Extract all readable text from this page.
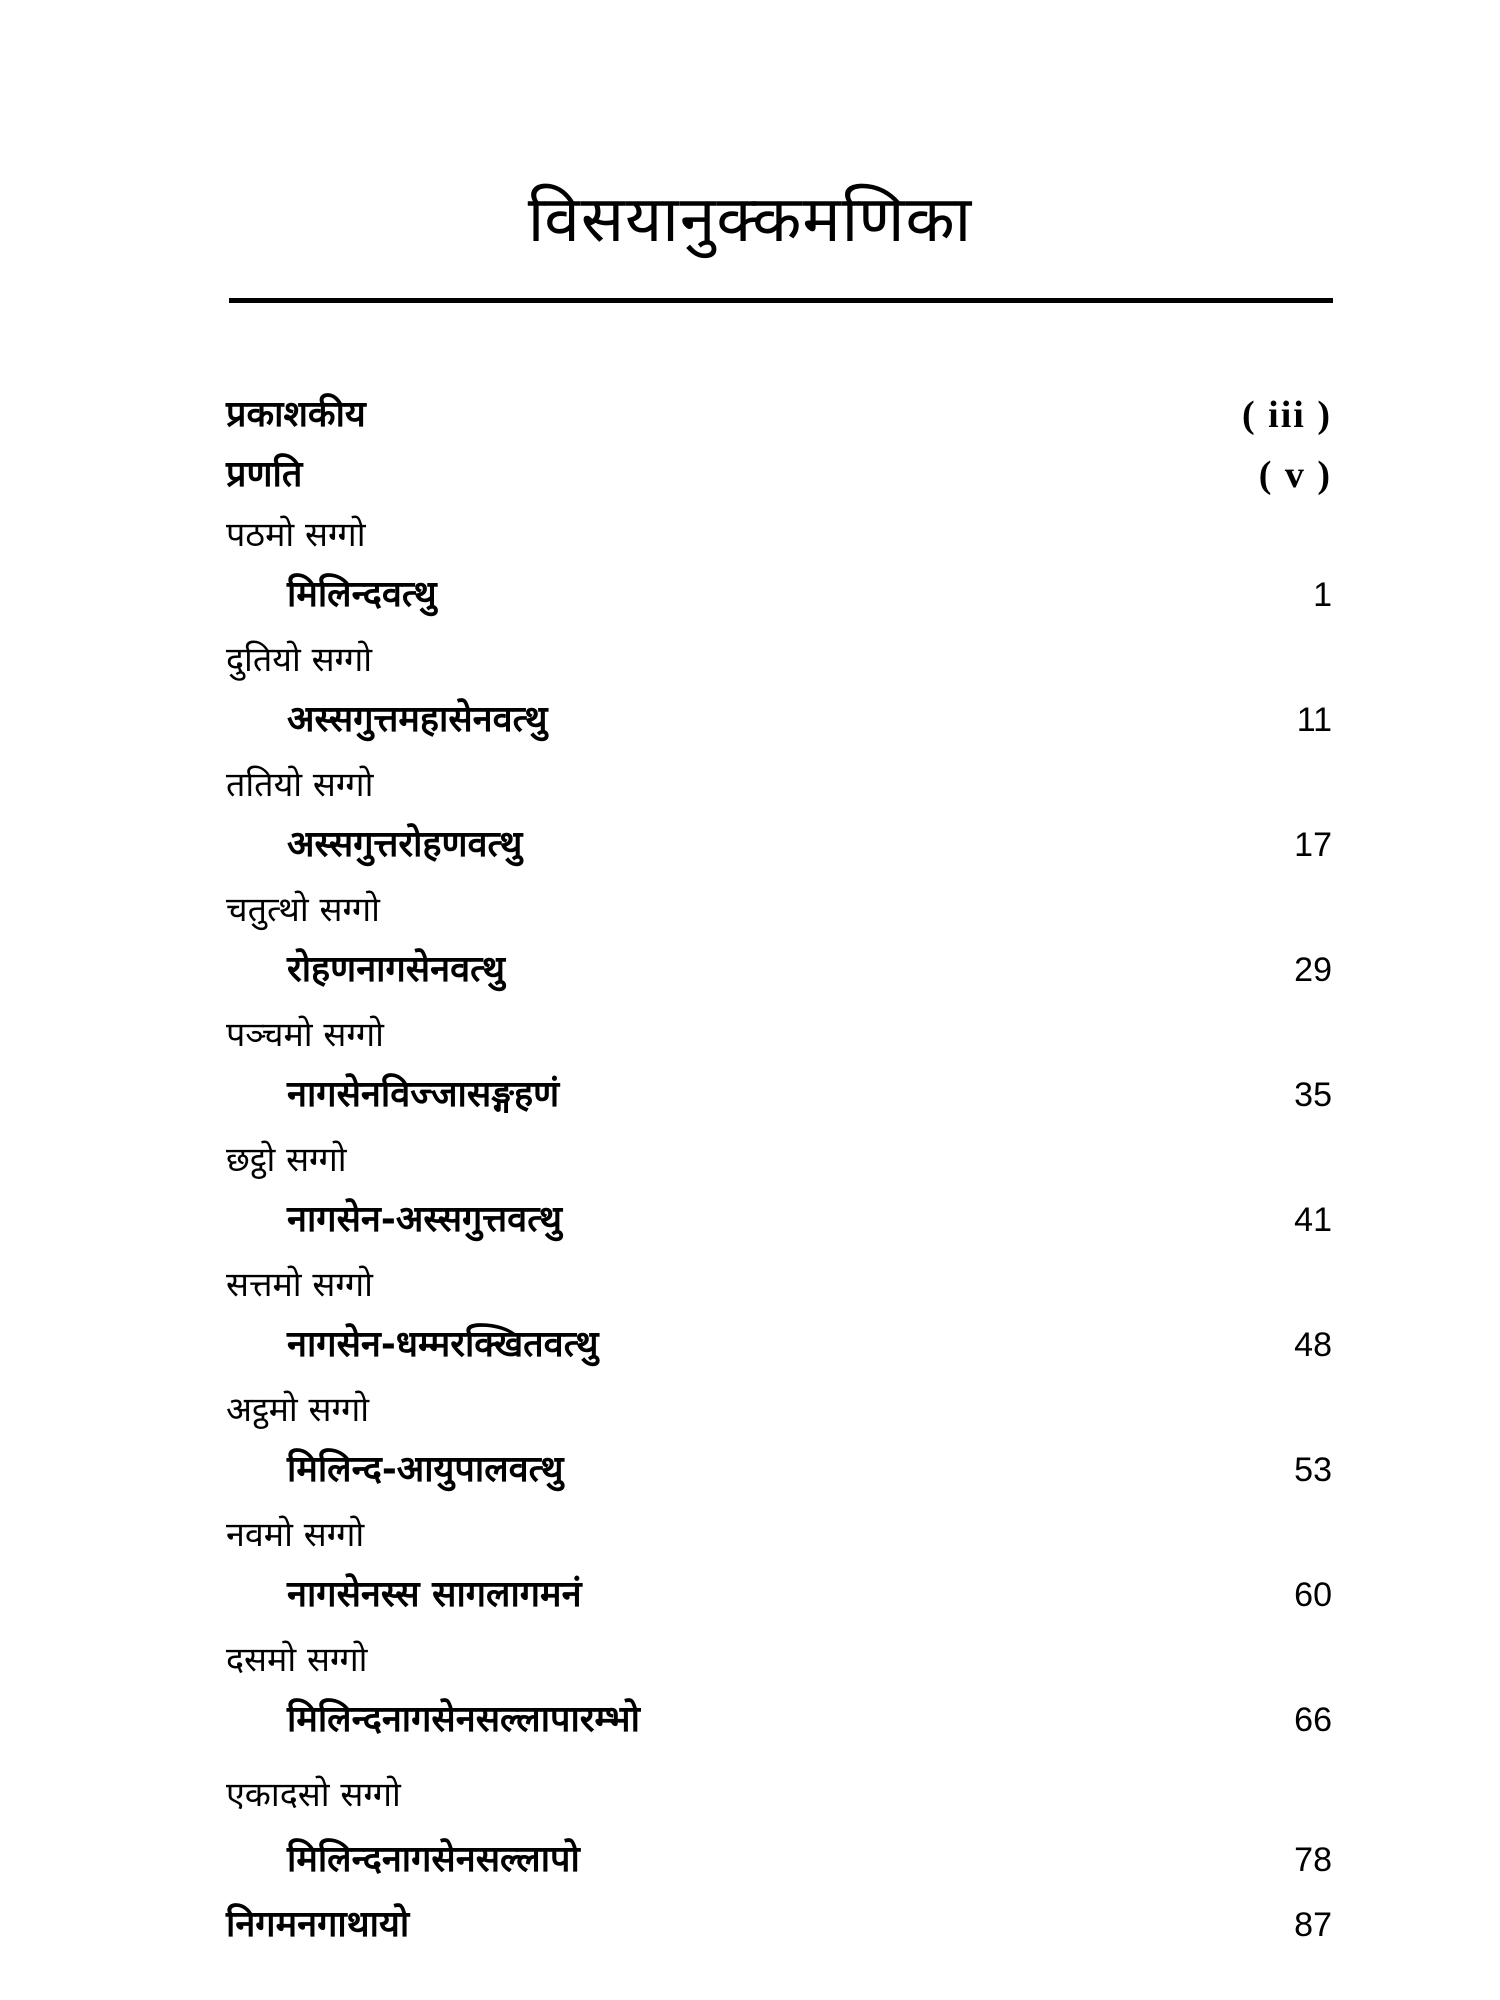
विसयानुक्कमणिका
प्रकाशकीय	( iii )
प्रणति	( v )
पठमो सग्गो
मिलिन्दवत्थु	1
दुतियो सग्गो
अस्सगुत्तमहासेनवत्थु	11
ततियो सग्गो
अस्सगुत्तरोहणवत्थु	17
चतुत्थो सग्गो
रोहणनागसेनवत्थु	29
पञ्चमो सग्गो
नागसेनविज्जासङ्गहणं	35
छट्ठो सग्गो
नागसेन-अस्सगुत्तवत्थु	41
सत्तमो सग्गो
नागसेन-धम्मरक्खितवत्थु	48
अट्ठमो सग्गो
मिलिन्द-आयुपालवत्थु	53
नवमो सग्गो
नागसेनस्स सागलागमनं	60
दसमो सग्गो
मिलिन्दनागसेनसल्लापारम्भो	66
एकादसो सग्गो
मिलिन्दनागसेनसल्लापो	78
निगमनगाथायो	87
